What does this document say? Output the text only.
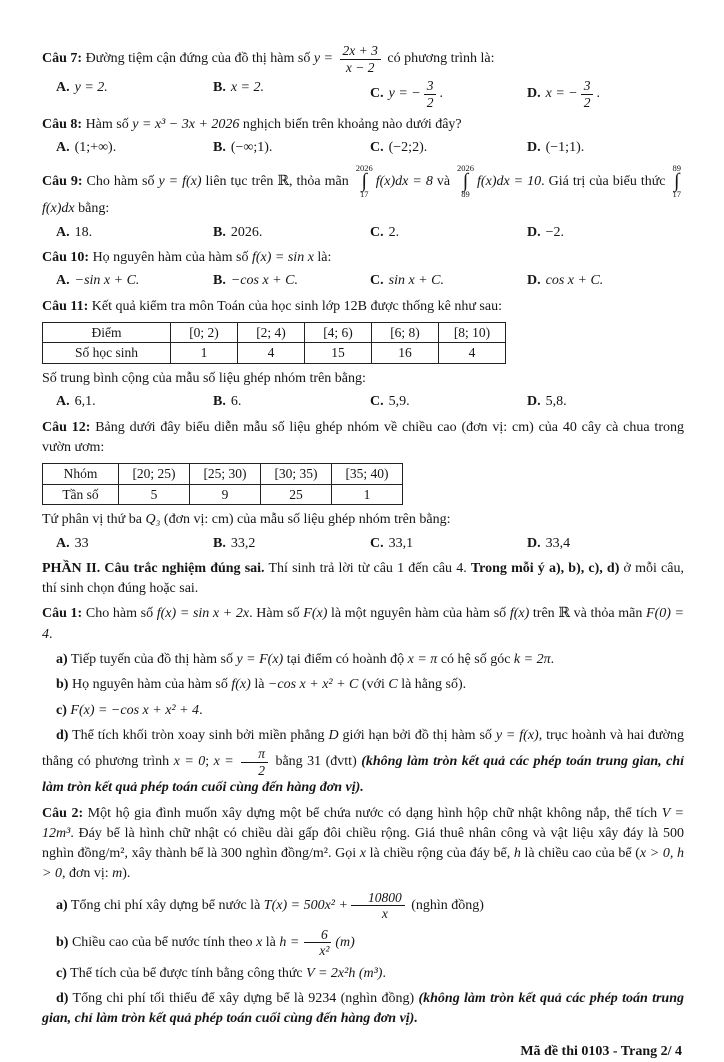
Câu 7: Đường tiệm cận đứng của đồ thị hàm số $y = \frac{2x + 3}{x - 2}$ có phương trình là:
A. y = 2.	B. x = 2.	C. y = − $\frac{3}{2}$ .	D. x = − $\frac{3}{2}$ .
Câu 8: Hàm số y = x³ − 3x + 2026 nghịch biến trên khoảng nào dưới đây?
A. (1;+∞).	B. (−∞;1).	C. (−2;2).	D. (−1;1).
Câu 9: Cho hàm số y = f(x) liên tục trên ℝ, thỏa mãn
2026
∫
17
f(x)dx = 8 và
2026
∫
89
f(x)dx = 10. Giá trị của biểu thức
89
∫
17
f(x)dx bằng:
A. 18.	B. 2026.	C. 2.	D. −2.
Câu 10: Họ nguyên hàm của hàm số f(x) = sin x là:
A. −sin x + C.	B. −cos x + C.	C. sin x + C.	D. cos x + C.
Câu 11: Kết quả kiểm tra môn Toán của học sinh lớp 12B được thống kê như sau:
Điểm	[0; 2)	[2; 4)	[4; 6)	[6; 8)	[8; 10)
Số học sinh	1	4	15	16	4
Số trung bình cộng của mẫu số liệu ghép nhóm trên bằng:
A. 6,1.	B. 6.	C. 5,9.	D. 5,8.
Câu 12: Bảng dưới đây biểu diễn mẫu số liệu ghép nhóm về chiều cao (đơn vị: cm) của 40 cây cà chua trong vườn ươm:
Nhóm	[20; 25)	[25; 30)	[30; 35)	[35; 40)
Tần số	5	9	25	1
Tứ phân vị thứ ba Q₃ (đơn vị: cm) của mẫu số liệu ghép nhóm trên bằng:
A. 33	B. 33,2	C. 33,1	D. 33,4
PHẦN II. Câu trắc nghiệm đúng sai. Thí sinh trả lời từ câu 1 đến câu 4. Trong mỗi ý a), b), c), d) ở mỗi câu, thí sinh chọn đúng hoặc sai.
Câu 1: Cho hàm số f(x) = sin x + 2x. Hàm số F(x) là một nguyên hàm của hàm số f(x) trên ℝ và thỏa mãn F(0) = 4.
a) Tiếp tuyến của đồ thị hàm số y = F(x) tại điểm có hoành độ x = π có hệ số góc k = 2π.
b) Họ nguyên hàm của hàm số f(x) là −cos x + x² + C (với C là hằng số).
c) F(x) = −cos x + x² + 4.
d) Thể tích khối tròn xoay sinh bởi miền phẳng D giới hạn bởi đồ thị hàm số y = f(x), trục hoành và hai đường thẳng có phương trình x = 0; $x = \frac{\pi}{2}$ bằng 31 (đvtt) (không làm tròn kết quả các phép toán trung gian, chỉ làm tròn kết quả phép toán cuối cùng đến hàng đơn vị).
Câu 2: Một hộ gia đình muốn xây dựng một bể chứa nước có dạng hình hộp chữ nhật không nắp, thể tích V = 12m³. Đáy bể là hình chữ nhật có chiều dài gấp đôi chiều rộng. Giá thuê nhân công và vật liệu xây đáy là 500 nghìn đồng/m², xây thành bể là 300 nghìn đồng/m². Gọi x là chiều rộng của đáy bể, h là chiều cao của bể (x > 0, h > 0, đơn vị: m).
a) Tổng chi phí xây dựng bể nước là $T(x) = 500x^2 + \frac{10800}{x}$ (nghìn đồng)
b) Chiều cao của bể nước tính theo x là $h = \frac{6}{\text{x²}} (m)$
c) Thể tích của bể được tính bằng công thức V = 2x²h (m³).
d) Tổng chi phí tối thiểu để xây dựng bể là 9234 (nghìn đồng) (không làm tròn kết quả các phép toán trung gian, chỉ làm tròn kết quả phép toán cuối cùng đến hàng đơn vị).
Mã đề thi 0103 - Trang 2/ 4
